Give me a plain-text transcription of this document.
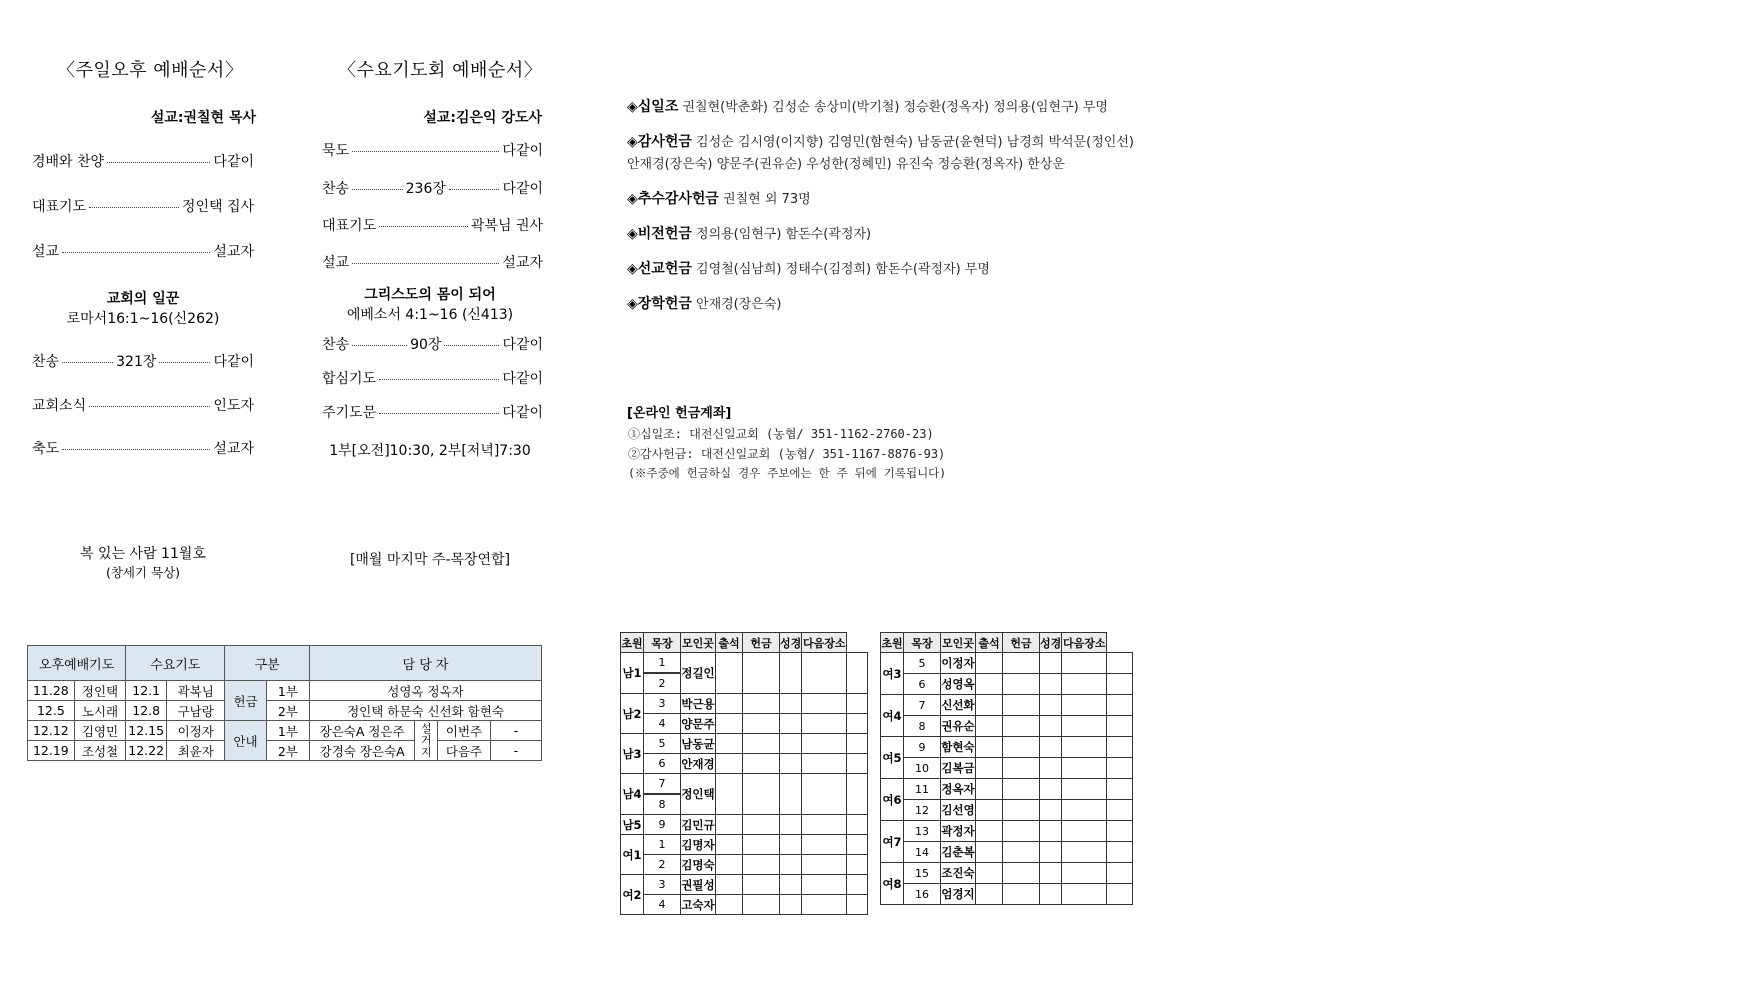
〈주일오후 예배순서〉
설교:권칠현 목사
경배와 찬양	다같이
대표기도	정인택 집사
설교	설교자
교회의 일꾼
로마서16:1~16(신262)
찬송	321장	다같이
교회소식	인도자
축도	설교자
복 있는 사람 11월호
(창세기 묵상)
〈수요기도회 예배순서〉
설교:김은익 강도사
묵도	다같이
찬송	236장	다같이
대표기도	곽복님 권사
설교	설교자
그리스도의 몸이 되어
에베소서 4:1~16 (신413)
찬송	90장	다같이
합심기도	다같이
주기도문	다같이
1부[오전]10:30, 2부[저녁]7:30
[매월 마지막 주-목장연합]
◈십일조 권칠현(박춘화) 김성순 송상미(박기철) 정승환(정옥자) 정의용(임현구) 무명
◈감사헌금 김성순 김시영(이지향) 김영민(함현숙) 남동균(윤현덕) 남경희 박석문(정인선) 안재경(장은숙) 양문주(권유순) 우성한(정혜민) 유진숙 정승환(정옥자) 한상운
◈추수감사헌금 권칠현 외 73명
◈비전헌금 정의용(임현구) 함돈수(곽정자)
◈선교헌금 김영철(심남희) 정태수(김정희) 함돈수(곽정자) 무명
◈장학헌금 안재경(장은숙)
[온라인 헌금계좌]
①십일조: 대전신일교회 (농협/ 351-1162-2760-23)
②감사헌금: 대전신일교회 (농협/ 351-1167-8876-93)
(※주중에 헌금하실 경우 주보에는 한 주 뒤에 기록됩니다)
오후예배기도		수요기도		구분		담 당 자			
11.28	정인택	12.1	곽복님	헌금	1부	성영옥 정옥자			
12.5	노시래	12.8	구남랑		2부	정인택 하문숙 신선화 함현숙			
12.12	김영민	12.15	이정자	안내	1부	장은숙A 정은주	설거지	이번주	-
12.19	조성철	12.22	최윤자		2부	강경숙 장은숙A		다음주	-
초원	목장	모인곳	출석	헌금	성경	다음장소	
남1	1	정길인					
	2						
남2	3	박근용					
	4	양문주					
남3	5	남동균					
	6	안재경					
남4	7	정인택					
	8						
남5	9	김민규					
여1	1	김명자					
	2	김명숙					
여2	3	권필성					
	4	고숙자					
초원	목장	모인곳	출석	헌금	성경	다음장소	
여3	5	이정자					
	6	성영옥					
여4	7	신선화					
	8	권유순					
여5	9	함현숙					
	10	김복금					
여6	11	정옥자					
	12	김선영					
여7	13	곽정자					
	14	김춘복					
여8	15	조진숙					
	16	엄경지					
